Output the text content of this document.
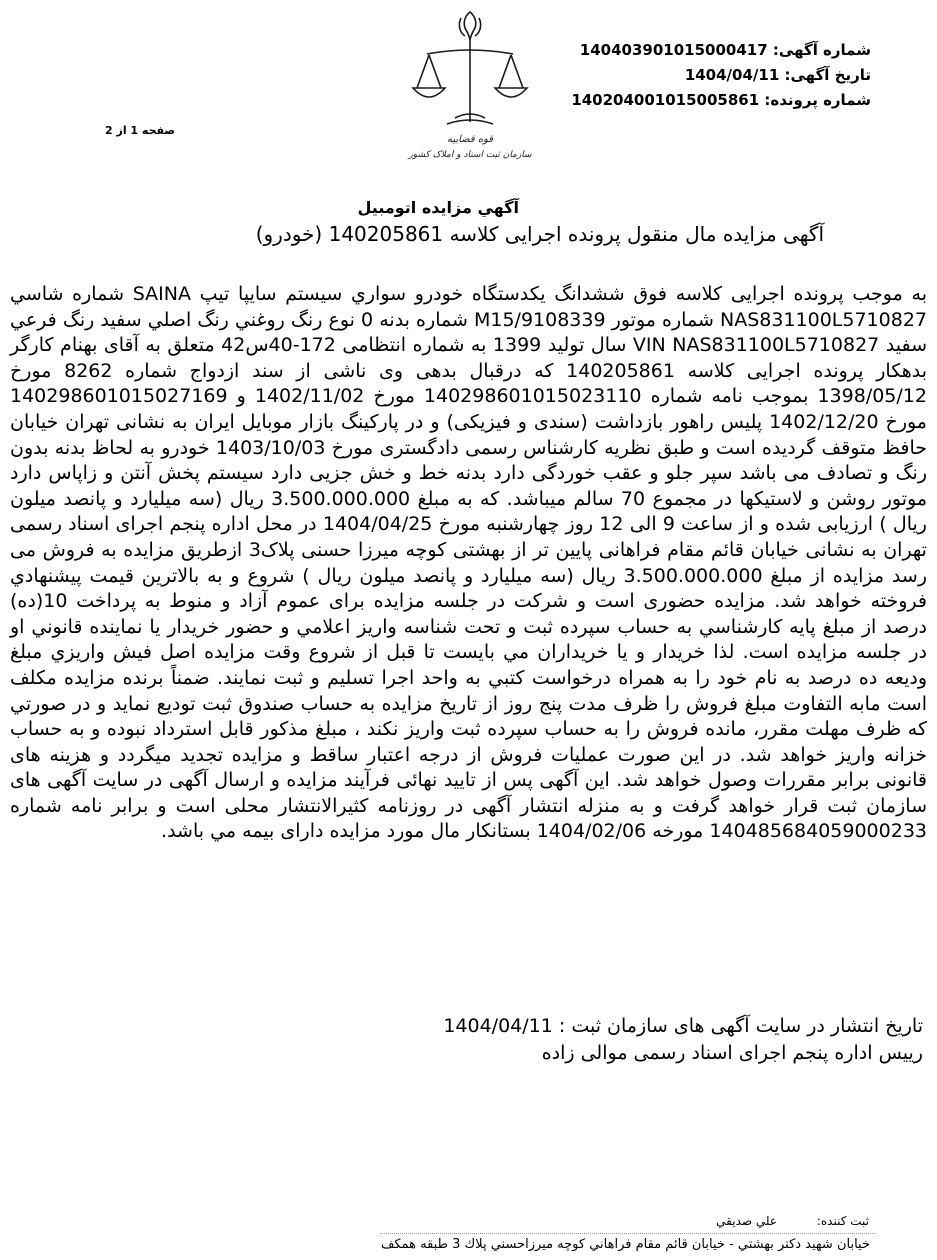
قوه قضاییه
سازمان ثبت اسناد و املاک کشور
شماره آگهی: 14040390101500041​7
تاریخ آگهی: 1404/04/11
شماره پرونده: 14020400101500586​1
صفحه 1 از 2
آگهي مزايده اتومبيل
آگهی مزایده مال منقول پرونده اجرایی کلاسه 140205861 (خودرو)
به موجب پرونده اجرایی كلاسه فوق ششدانگ يكدستگاه خودرو سواري سيستم سايپا تيپ SAINA شماره شاسي NAS831100L5710827 شماره موتور M15/9108339 شماره بدنه 0 نوع رنگ روغني رنگ اصلي سفيد رنگ فرعي سفيد VIN NAS831100L5710827 سال تولید 1399 به شماره انتظامی 172-40س42 متعلق به آقای بهنام کارگر بدهکار پرونده اجرایی کلاسه 140205861 که درقبال بدهی وی ناشی از سند ازدواج شماره 8262 مورخ 1398/05/12 بموجب نامه شماره 14029860101502311​0 مورخ 1402/11/02 و 14029860101502716​9 مورخ 1402/12/20 پلیس راهور بازداشت (سندی و فیزیکی) و در پارکینگ بازار موبایل ایران به نشانی تهران خیابان حافظ متوقف گردیده است و طبق نظریه کارشناس رسمی دادگستری مورخ 1403/10/03 خودرو به لحاظ بدنه بدون رنگ و تصادف می باشد سپر جلو و عقب خوردگی دارد بدنه خط و خش جزیی دارد سیستم پخش آنتن و زاپاس دارد موتور روشن و لاستیکها در مجموع 70 سالم میباشد. که به مبلغ 3.500.000.000 ریال (سه میلیارد و پانصد میلون ریال ) ارزیابی شده و از ساعت 9 الی 12 روز چهارشنبه مورخ 1404/04/25 در محل اداره پنجم اجرای اسناد رسمی تهران به نشانی خیابان قائم مقام فراهانی پایین تر از بهشتی کوچه میرزا حسنی پلاک3 ازطریق مزایده به فروش می رسد مزایده از مبلغ 3.500.000.000 ریال (سه میلیارد و پانصد میلون ریال ) شروع و به بالاترین قیمت پیشنهادي فروخته خواهد شد. مزایده حضوری است و شرکت در جلسه مزایده برای عموم آزاد و منوط به پرداخت 10(ده) درصد از مبلغ پايه كارشناسي به حساب سپرده ثبت و تحت شناسه واريز اعلامي و حضور خريدار يا نماينده قانوني او در جلسه مزايده است. لذا خريدار و يا خريداران مي بايست تا قبل از شروع وقت مزايده اصل فيش واريزي مبلغ وديعه ده درصد به نام خود را به همراه درخواست كتبي به واحد اجرا تسليم و ثبت نمايند. ضمناً برنده مزايده مكلف است مابه التفاوت مبلغ فروش را ظرف مدت پنج روز از تاريخ مزايده به حساب صندوق ثبت توديع نمايد و در صورتي كه ظرف مهلت مقرر، مانده فروش را به حساب سپرده ثبت واريز نكند ، مبلغ مذكور قابل استرداد نبوده و به حساب خزانه واريز خواهد شد. در این صورت عملیات فروش از درجه اعتبار ساقط و مزایده تجدید میگردد و هزینه های قانونی برابر مقررات وصول خواهد شد. این آگهی پس از تایید نهائی فرآیند مزایده و ارسال آگهی در سایت آگهی های سازمان ثبت قرار خواهد گرفت و به منزله انتشار آگهی در روزنامه کثیرالانتشار محلی است و برابر نامه شماره 14048568405900023​3 مورخه 1404/02/06 بستانکار مال مورد مزایده دارای بیمه مي باشد.
تاریخ انتشار در سایت آگهی های سازمان ثبت : 1404/04/11
رییس اداره پنجم اجرای اسناد رسمی موالی زاده
ثبت كننده: علي صديقي
خيابان شهيد دكتر بهشتي - خيابان قائم مقام فراهاني كوچه ميرزاحسني پلاك 3 طبقه همكف
